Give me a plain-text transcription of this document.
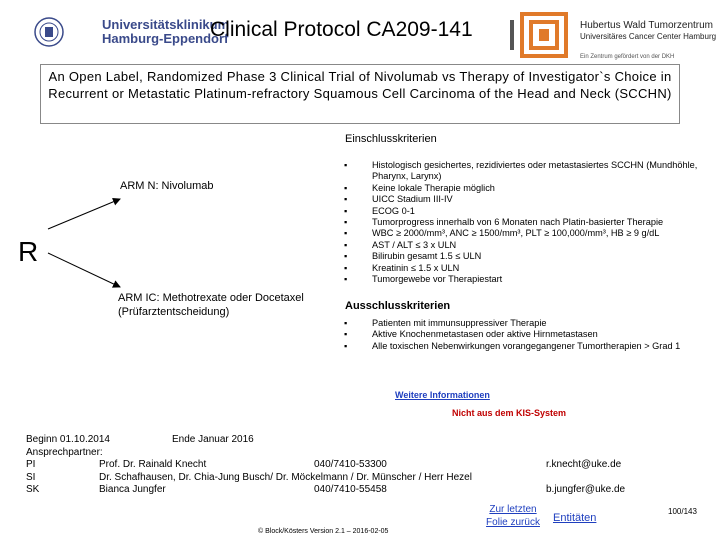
Universitätsklinikum
Hamburg-Eppendorf
Clinical Protocol CA209-141	Hubertus Wald Tumorzentrum
Universitäres Cancer Center Hamburg
Ein Zentrum gefördert von der DKH
An Open Label, Randomized Phase 3 Clinical Trial of Nivolumab vs Therapy of Investigator`s Choice in Recurrent or Metastatic Platinum-refractory Squamous Cell Carcinoma of the Head and Neck (SCCHN)
ARM N: Nivolumab
R
ARM IC: Methotrexate oder Docetaxel
(Prüfarztentscheidung)
Einschlusskriterien
▪	Histologisch gesichertes, rezidiviertes oder metastasiertes SCCHN (Mundhöhle, Pharynx, Larynx)
▪	Keine lokale Therapie möglich
▪	UICC Stadium III-IV
▪	ECOG 0-1
▪	Tumorprogress innerhalb von 6 Monaten nach Platin-basierter Therapie
▪	WBC ≥ 2000/mm³, ANC ≥ 1500/mm³, PLT ≥ 100,000/mm³, HB ≥ 9 g/dL
▪	AST / ALT ≤ 3 x ULN
▪	Bilirubin gesamt 1.5 ≤ ULN
▪	Kreatinin ≤ 1.5 x ULN
▪	Tumorgewebe vor Therapiestart
Ausschlusskriterien
▪	Patienten mit immunsuppressiver Therapie
▪	Aktive Knochenmetastasen oder aktive Hirnmetastasen
▪	Alle toxischen Nebenwirkungen vorangegangener Tumortherapien > Grad 1
Weitere Informationen
Nicht aus dem KIS-System
Beginn 01.10.2014	Ende Januar 2016
Ansprechpartner:
PI	Prof. Dr. Rainald Knecht	040/7410-53300	r.knecht@uke.de
SI	Dr. Schafhausen, Dr. Chia-Jung Busch/ Dr. Möckelmann / Dr. Münscher / Herr Hezel
SK	Bianca Jungfer	040/7410-55458	b.jungfer@uke.de
Zur letzten Folie zurück	Entitäten
100/143
© Block/Kösters Version 2.1 – 2016-02-05
